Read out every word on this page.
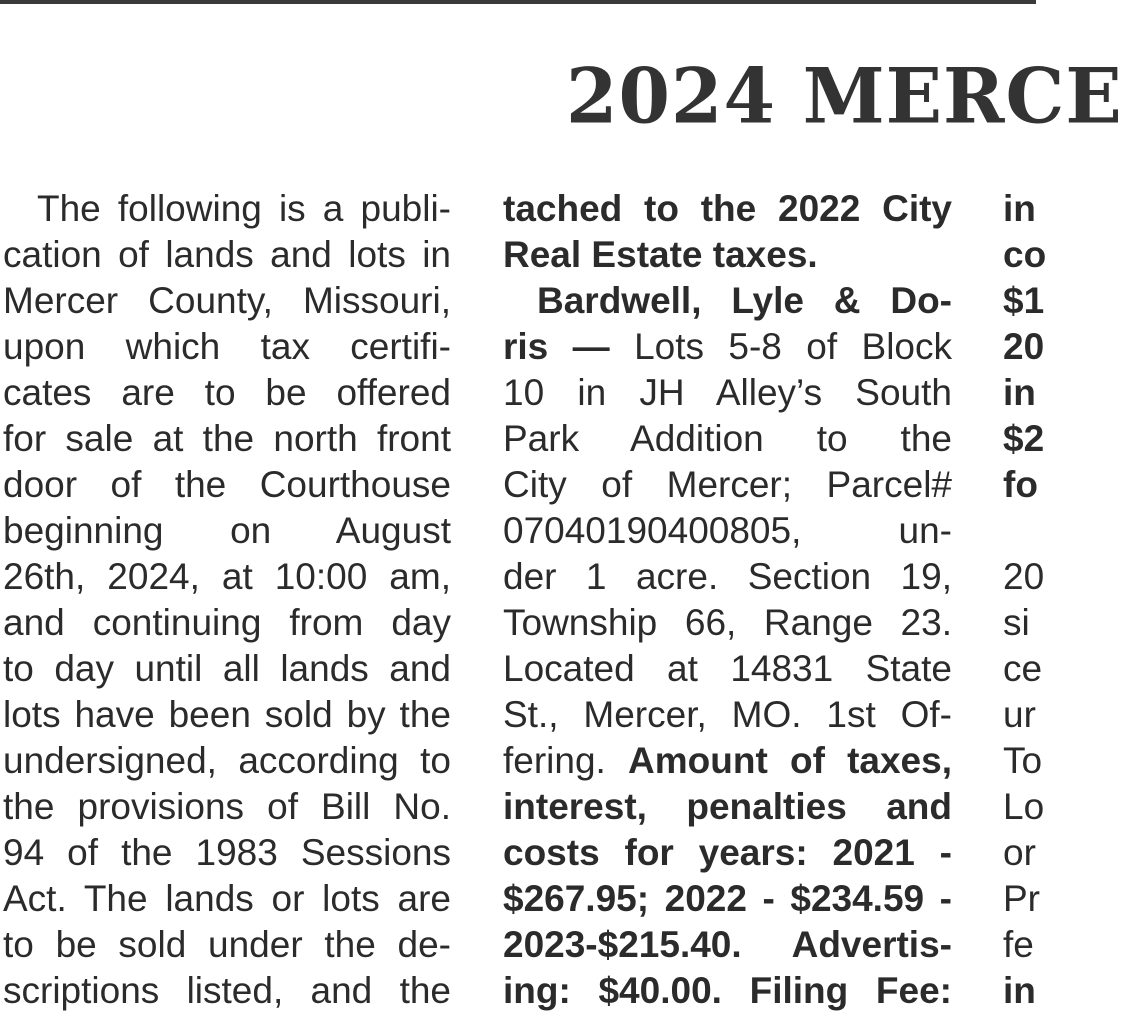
2024 MERCE
The following is a publi-
cation of lands and lots in
Mercer County, Missouri,
upon which tax certifi-
cates are to be offered
for sale at the north front
door of the Courthouse
beginning on August
26th, 2024, at 10:00 am,
and continuing from day
to day until all lands and
lots have been sold by the
undersigned, according to
the provisions of Bill No.
94 of the 1983 Sessions
Act. The lands or lots are
to be sold under the de-
scriptions listed, and the
tached to the 2022 City
Real Estate taxes.
Bardwell, Lyle & Do-
ris — Lots 5-8 of Block
10 in JH Alley’s South
Park Addition to the
City of Mercer; Parcel#
07040190400805, un-
der 1 acre. Section 19,
Township 66, Range 23.
Located at 14831 State
St., Mercer, MO. 1st Of-
fering. Amount of taxes,
interest, penalties and
costs for years: 2021 -
$267.95; 2022 - $234.59 -
2023-$215.40. Advertis-
ing: $40.00. Filing Fee:
in
co
$1
20
in
$2
fo
20
si
ce
ur
To
Lo
or
Pr
fe
in
